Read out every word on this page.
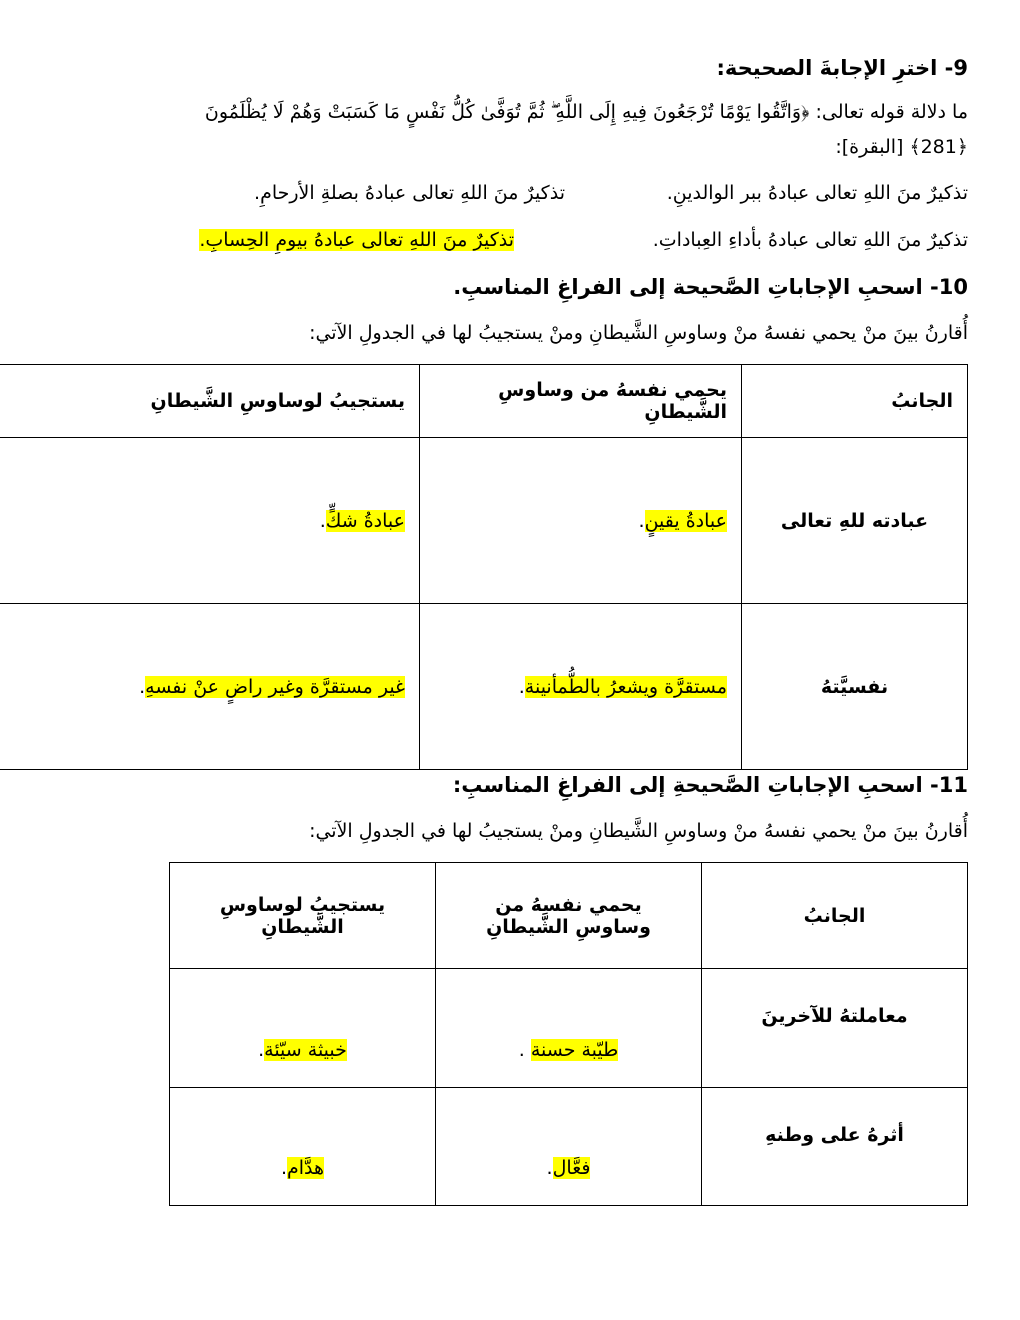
9- اخترِ الإجابةَ الصحيحة:
ما دلالة قوله تعالى: ﴿وَاتَّقُوا يَوْمًا تُرْجَعُونَ فِيهِ إِلَى اللَّهِ ۖ ثُمَّ تُوَفَّىٰ كُلُّ نَفْسٍ مَا كَسَبَتْ وَهُمْ لَا يُظْلَمُونَ
﴿281﴾ [البقرة]:
تذكيرٌ منَ اللهِ تعالى عبادهُ ببر الوالدينِ.
تذكيرٌ منَ اللهِ تعالى عبادهُ بصلةِ الأرحامِ.
تذكيرٌ منَ اللهِ تعالى عبادهُ بأداءِ العِباداتِ.
تذكيرٌ منَ اللهِ تعالى عبادهُ بيومِ الحِسابِ.
10- اسحبِ الإجاباتِ الصَّحيحة إلى الفراغِ المناسبِ.
أُقارنُ بينَ منْ يحمي نفسهُ منْ وساوسِ الشَّيطانِ ومنْ يستجيبُ لها في الجدولِ الآتي:
الجانبُ	يحمي نفسهُ من وساوسِ الشَّيطانِ	يستجيبُ لوساوسِ الشَّيطانِ
عبادته للهِ تعالى	عبادةُ يقينٍ.	عبادةُ شكٍّ.
نفسيَّتهُ	مستقرَّة ويشعرُ بالطُّمأنينة.	غير مستقرَّة وغير راضٍ عنْ نفسهِ.
11- اسحبِ الإجاباتِ الصَّحيحةِ إلى الفراغِ المناسبِ:
أُقارنُ بينَ منْ يحمي نفسهُ منْ وساوسِ الشَّيطانِ ومنْ يستجيبُ لها في الجدولِ الآتي:
الجانبُ	يحمي نفسهُ من وساوسِ الشَّيطانِ	يستجيبُ لوساوسِ الشَّيطانِ
معاملتهُ للآخرينَ	طيّبة حسنة .	خبيثة سيّئة.
أثرهُ على وطنهِ	فعَّال.	هدَّام.
